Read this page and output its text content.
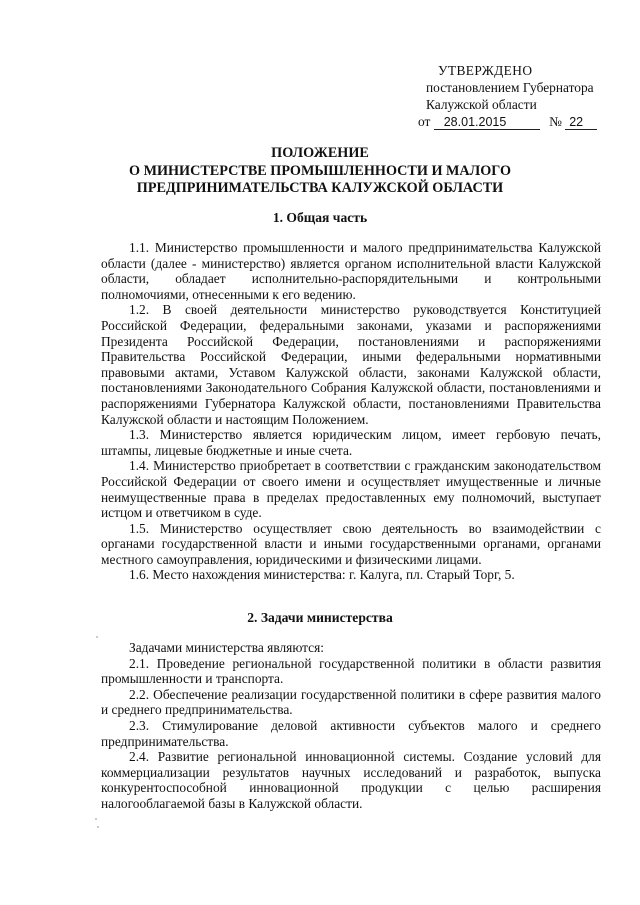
УТВЕРЖДЕНО
постановлением Губернатора
Калужской области
от 28.01.2015	№ 22
ПОЛОЖЕНИЕ
О МИНИСТЕРСТВЕ ПРОМЫШЛЕННОСТИ И МАЛОГО
ПРЕДПРИНИМАТЕЛЬСТВА КАЛУЖСКОЙ ОБЛАСТИ
1. Общая часть

1.1. Министерство промышленности и малого предпринимательства Калужской области (далее - министерство) является органом исполнительной власти Калужской области, обладает исполнительно-распорядительными и контрольными полномочиями, отнесенными к его ведению.

1.2. В своей деятельности министерство руководствуется Конституцией Российской Федерации, федеральными законами, указами и распоряжениями Президента Российской Федерации, постановлениями и распоряжениями Правительства Российской Федерации, иными федеральными нормативными правовыми актами, Уставом Калужской области, законами Калужской области, постановлениями Законодательного Собрания Калужской области, постановлениями и распоряжениями Губернатора Калужской области, постановлениями Правительства Калужской области и настоящим Положением.

1.3. Министерство является юридическим лицом, имеет гербовую печать, штампы, лицевые бюджетные и иные счета.

1.4. Министерство приобретает в соответствии с гражданским законодательством Российской Федерации от своего имени и осуществляет имущественные и личные неимущественные права в пределах предоставленных ему полномочий, выступает истцом и ответчиком в суде.

1.5. Министерство осуществляет свою деятельность во взаимодействии с органами государственной власти и иными государственными органами, органами местного самоуправления, юридическими и физическими лицами.

1.6. Место нахождения министерства: г. Калуга, пл. Старый Торг, 5.

2. Задачи министерства

Задачами министерства являются:

2.1. Проведение региональной государственной политики в области развития промышленности и транспорта.

2.2. Обеспечение реализации государственной политики в сфере развития малого и среднего предпринимательства.

2.3. Стимулирование деловой активности субъектов малого и среднего предпринимательства.

2.4. Развитие региональной инновационной системы. Создание условий для коммерциализации результатов научных исследований и разработок, выпуска конкурентоспособной инновационной продукции с целью расширения налогооблагаемой базы в Калужской области.
